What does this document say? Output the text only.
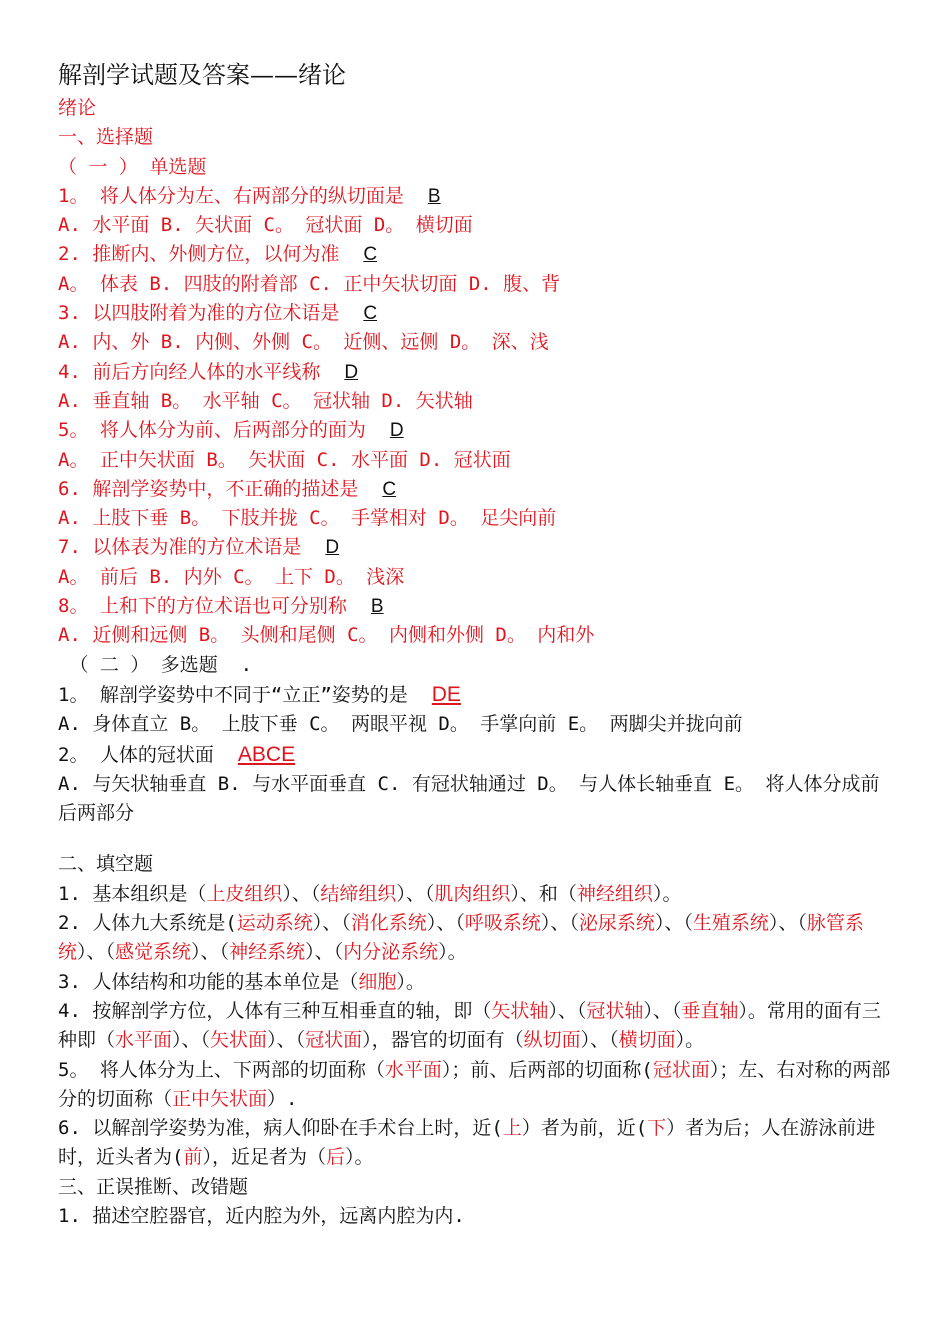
解剖学试题及答案——绪论
绪论
一、选择题
（ 一 ） 单选题
1。 将人体分为左、右两部分的纵切面是 B
A. 水平面 B. 矢状面 C。 冠状面 D。 横切面
2. 推断内、外侧方位，以何为准 C
A。 体表 B. 四肢的附着部 C. 正中矢状切面 D. 腹、背
3. 以四肢附着为准的方位术语是 C
A. 内、外 B. 内侧、外侧 C。 近侧、远侧 D。 深、浅
4. 前后方向经人体的水平线称 D
A. 垂直轴 B。 水平轴 C。 冠状轴 D. 矢状轴
5。 将人体分为前、后两部分的面为 D
A。 正中矢状面 B。 矢状面 C. 水平面 D. 冠状面
6. 解剖学姿势中，不正确的描述是 C
A. 上肢下垂 B。 下肢并拢 C。 手掌相对 D。 足尖向前
7. 以体表为准的方位术语是 D
A。 前后 B. 内外 C。 上下 D。 浅深
8。 上和下的方位术语也可分别称 B
A. 近侧和远侧 B。 头侧和尾侧 C。 内侧和外侧 D。 内和外
（ 二 ） 多选题  .
1。 解剖学姿势中不同于“立正”姿势的是 DE
A. 身体直立 B。 上肢下垂 C。 两眼平视 D。 手掌向前 E。 两脚尖并拢向前
2。 人体的冠状面 ABCE
A. 与矢状轴垂直 B. 与水平面垂直 C. 有冠状轴通过 D。 与人体长轴垂直 E。 将人体分成前后两部分
二、填空题
1. 基本组织是（上皮组织）、（结缔组织）、（肌肉组织）、和（神经组织）。
2. 人体九大系统是(运动系统）、（消化系统）、（呼吸系统）、（泌尿系统）、（生殖系统）、（脉管系统）、（感觉系统）、（神经系统）、（内分泌系统）。
3. 人体结构和功能的基本单位是（细胞）。
4. 按解剖学方位，人体有三种互相垂直的轴，即（矢状轴）、（冠状轴）、（垂直轴）。常用的面有三种即（水平面）、（矢状面）、（冠状面），器官的切面有（纵切面）、（横切面）。
5。 将人体分为上、下两部的切面称（水平面）；前、后两部的切面称(冠状面）；左、右对称的两部分的切面称（正中矢状面）.
6. 以解剖学姿势为准，病人仰卧在手术台上时，近(上）者为前，近(下）者为后；人在游泳前进时，近头者为(前），近足者为（后）。
三、正误推断、改错题
1. 描述空腔器官，近内腔为外，远离内腔为内.
